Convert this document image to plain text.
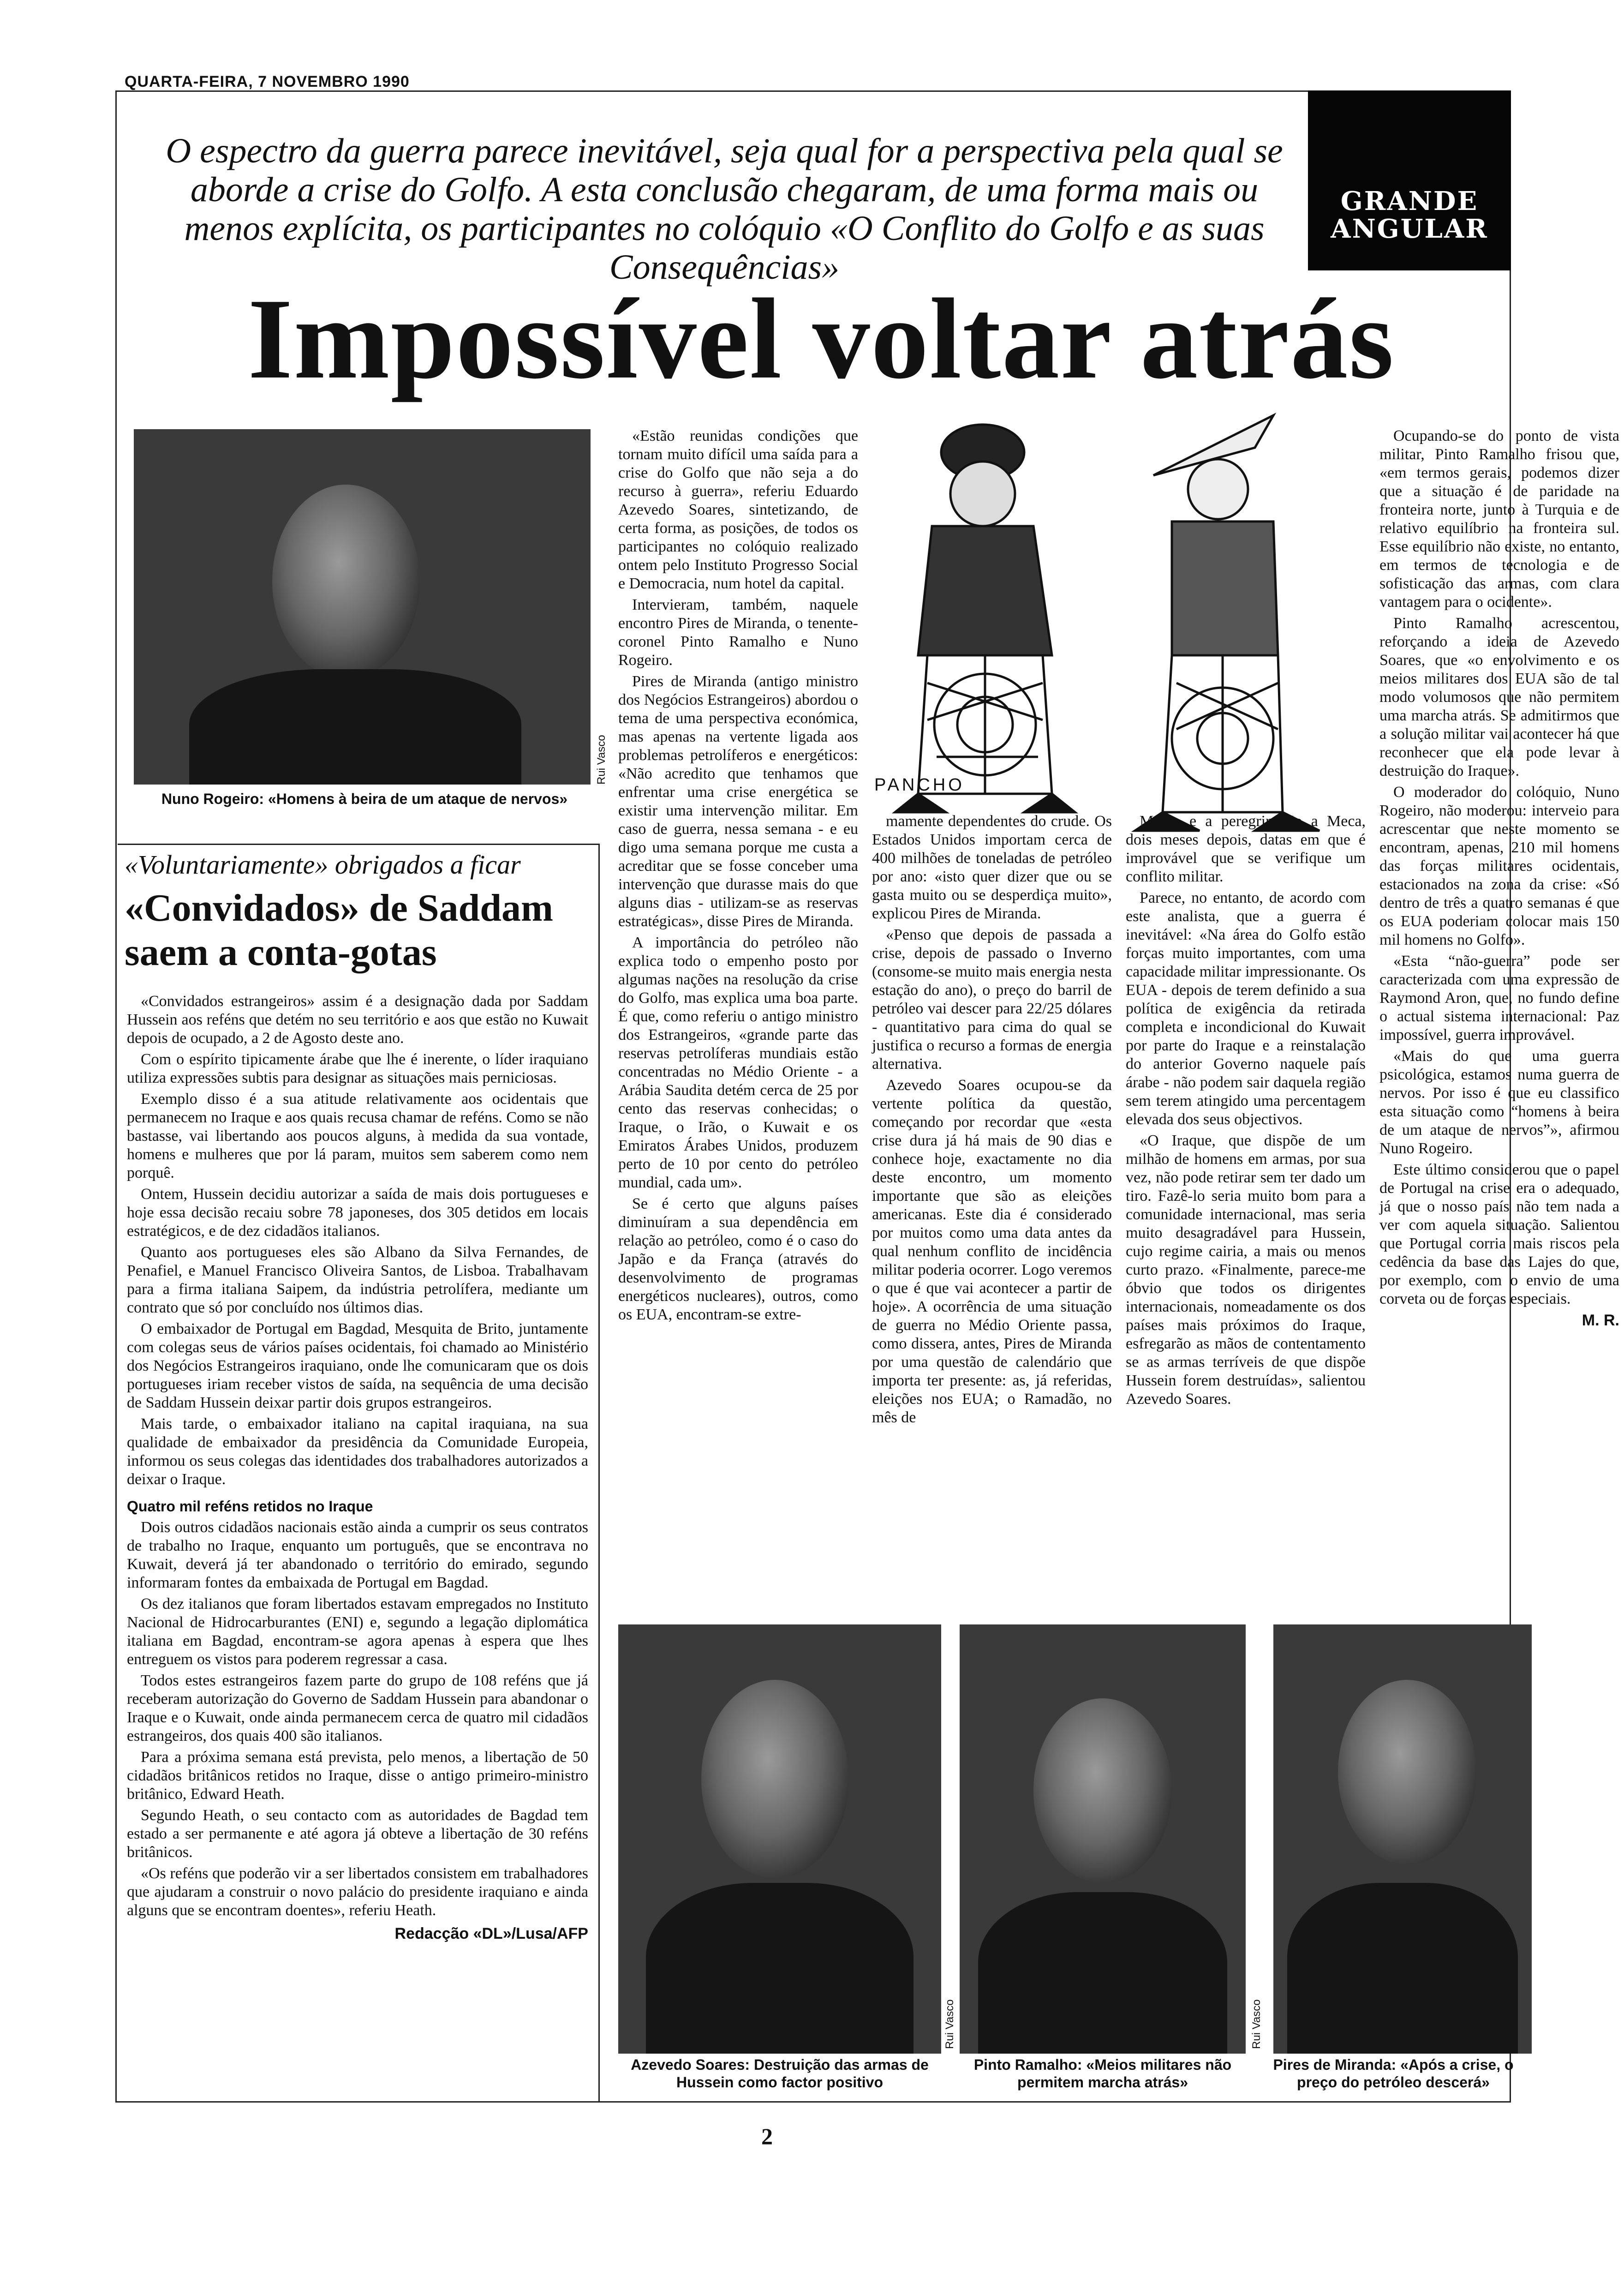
QUARTA-FEIRA, 7 NOVEMBRO 1990
GRANDE
ANGULAR
O espectro da guerra parece inevitável, seja qual for a perspectiva pela qual se aborde a crise do Golfo. A esta conclusão chegaram, de uma forma mais ou menos explícita, os participantes no colóquio «O Conflito do Golfo e as suas Consequências»
Impossível voltar atrás
Rui Vasco
Nuno Rogeiro: «Homens à beira de um ataque de nervos»
PANCHO
«Voluntariamente» obrigados a ficar
«Convidados» de Saddam saem a conta-gotas

«Convidados estrangeiros» assim é a designação dada por Saddam Hussein aos reféns que detém no seu território e aos que estão no Kuwait depois de ocupado, a 2 de Agosto deste ano.

Com o espírito tipicamente árabe que lhe é inerente, o líder iraquiano utiliza expressões subtis para designar as situações mais perniciosas.

Exemplo disso é a sua atitude relativamente aos ocidentais que permanecem no Iraque e aos quais recusa chamar de reféns. Como se não bastasse, vai libertando aos poucos alguns, à medida da sua vontade, homens e mulheres que por lá param, muitos sem saberem como nem porquê.

Ontem, Hussein decidiu autorizar a saída de mais dois portugueses e hoje essa decisão recaiu sobre 78 japoneses, dos 305 detidos em locais estratégicos, e de dez cidadãos italianos.

Quanto aos portugueses eles são Albano da Silva Fernandes, de Penafiel, e Manuel Francisco Oliveira Santos, de Lisboa. Trabalhavam para a firma italiana Saipem, da indústria petrolífera, mediante um contrato que só por concluído nos últimos dias.

O embaixador de Portugal em Bagdad, Mesquita de Brito, juntamente com colegas seus de vários países ocidentais, foi chamado ao Ministério dos Negócios Estrangeiros iraquiano, onde lhe comunicaram que os dois portugueses iriam receber vistos de saída, na sequência de uma decisão de Saddam Hussein deixar partir dois grupos estrangeiros.

Mais tarde, o embaixador italiano na capital iraquiana, na sua qualidade de embaixador da presidência da Comunidade Europeia, informou os seus colegas das identidades dos trabalhadores autorizados a deixar o Iraque.

Quatro mil reféns retidos no Iraque

Dois outros cidadãos nacionais estão ainda a cumprir os seus contratos de trabalho no Iraque, enquanto um português, que se encontrava no Kuwait, deverá já ter abandonado o território do emirado, segundo informaram fontes da embaixada de Portugal em Bagdad.

Os dez italianos que foram libertados estavam empregados no Instituto Nacional de Hidrocarburantes (ENI) e, segundo a legação diplomática italiana em Bagdad, encontram-se agora apenas à espera que lhes entreguem os vistos para poderem regressar a casa.

Todos estes estrangeiros fazem parte do grupo de 108 reféns que já receberam autorização do Governo de Saddam Hussein para abandonar o Iraque e o Kuwait, onde ainda permanecem cerca de quatro mil cidadãos estrangeiros, dos quais 400 são italianos.

Para a próxima semana está prevista, pelo menos, a libertação de 50 cidadãos britânicos retidos no Iraque, disse o antigo primeiro-ministro britânico, Edward Heath.

Segundo Heath, o seu contacto com as autoridades de Bagdad tem estado a ser permanente e até agora já obteve a libertação de 30 reféns britânicos.

«Os reféns que poderão vir a ser libertados consistem em trabalhadores que ajudaram a construir o novo palácio do presidente iraquiano e ainda alguns que se encontram doentes», referiu Heath.

Redacção «DL»/Lusa/AFP

«Estão reunidas condições que tornam muito difícil uma saída para a crise do Golfo que não seja a do recurso à guerra», referiu Eduardo Azevedo Soares, sintetizando, de certa forma, as posições, de todos os participantes no colóquio realizado ontem pelo Instituto Progresso Social e Democracia, num hotel da capital.

Intervieram, também, naquele encontro Pires de Miranda, o tenente-coronel Pinto Ramalho e Nuno Rogeiro.

Pires de Miranda (antigo ministro dos Negócios Estrangeiros) abordou o tema de uma perspectiva económica, mas apenas na vertente ligada aos problemas petrolíferos e energéticos: «Não acredito que tenhamos que enfrentar uma crise energética se existir uma intervenção militar. Em caso de guerra, nessa semana - e eu digo uma semana porque me custa a acreditar que se fosse conceber uma intervenção que durasse mais do que alguns dias - utilizam-se as reservas estratégicas», disse Pires de Miranda.

A importância do petróleo não explica todo o empenho posto por algumas nações na resolução da crise do Golfo, mas explica uma boa parte. É que, como referiu o antigo ministro dos Estrangeiros, «grande parte das reservas petrolíferas mundiais estão concentradas no Médio Oriente - a Arábia Saudita detém cerca de 25 por cento das reservas conhecidas; o Iraque, o Irão, o Kuwait e os Emiratos Árabes Unidos, produzem perto de 10 por cento do petróleo mundial, cada um».

Se é certo que alguns países diminuíram a sua dependência em relação ao petróleo, como é o caso do Japão e da França (através do desenvolvimento de programas energéticos nucleares), outros, como os EUA, encontram-se extre-

mamente dependentes do crude. Os Estados Unidos importam cerca de 400 milhões de toneladas de petróleo por ano: «isto quer dizer que ou se gasta muito ou se desperdiça muito», explicou Pires de Miranda.

«Penso que depois de passada a crise, depois de passado o Inverno (consome-se muito mais energia nesta estação do ano), o preço do barril de petróleo vai descer para 22/25 dólares - quantitativo para cima do qual se justifica o recurso a formas de energia alternativa.

Azevedo Soares ocupou-se da vertente política da questão, começando por recordar que «esta crise dura já há mais de 90 dias e conhece hoje, exactamente no dia deste encontro, um momento importante que são as eleições americanas. Este dia é considerado por muitos como uma data antes da qual nenhum conflito de incidência militar poderia ocorrer. Logo veremos o que é que vai acontecer a partir de hoje». A ocorrência de uma situação de guerra no Médio Oriente passa, como dissera, antes, Pires de Miranda por uma questão de calendário que importa ter presente: as, já referidas, eleições nos EUA; o Ramadão, no mês de

Março e a peregrinação a Meca, dois meses depois, datas em que é improvável que se verifique um conflito militar.

Parece, no entanto, de acordo com este analista, que a guerra é inevitável: «Na área do Golfo estão forças muito importantes, com uma capacidade militar impressionante. Os EUA - depois de terem definido a sua política de exigência da retirada completa e incondicional do Kuwait por parte do Iraque e a reinstalação do anterior Governo naquele país árabe - não podem sair daquela região sem terem atingido uma percentagem elevada dos seus objectivos.

«O Iraque, que dispõe de um milhão de homens em armas, por sua vez, não pode retirar sem ter dado um tiro. Fazê-lo seria muito bom para a comunidade internacional, mas seria muito desagradável para Hussein, cujo regime cairia, a mais ou menos curto prazo. «Finalmente, parece-me óbvio que todos os dirigentes internacionais, nomeadamente os dos países mais próximos do Iraque, esfregarão as mãos de contentamento se as armas terríveis de que dispõe Hussein forem destruídas», salientou Azevedo Soares.

Ocupando-se do ponto de vista militar, Pinto Ramalho frisou que, «em termos gerais, podemos dizer que a situação é de paridade na fronteira norte, junto à Turquia e de relativo equilíbrio na fronteira sul. Esse equilíbrio não existe, no entanto, em termos de tecnologia e de sofisticação das armas, com clara vantagem para o ocidente».

Pinto Ramalho acrescentou, reforçando a ideia de Azevedo Soares, que «o envolvimento e os meios militares dos EUA são de tal modo volumosos que não permitem uma marcha atrás. Se admitirmos que a solução militar vai acontecer há que reconhecer que ela pode levar à destruição do Iraque».

O moderador do colóquio, Nuno Rogeiro, não moderou: interveio para acrescentar que neste momento se encontram, apenas, 210 mil homens das forças militares ocidentais, estacionados na zona da crise: «Só dentro de três a quatro semanas é que os EUA poderiam colocar mais 150 mil homens no Golfo».

«Esta “não-guerra” pode ser caracterizada com uma expressão de Raymond Aron, que, no fundo define o actual sistema internacional: Paz impossível, guerra improvável.

«Mais do que uma guerra psicológica, estamos numa guerra de nervos. Por isso é que eu classifico esta situação como “homens à beira de um ataque de nervos”», afirmou Nuno Rogeiro.

Este último considerou que o papel de Portugal na crise era o adequado, já que o nosso país não tem nada a ver com aquela situação. Salientou que Portugal corria mais riscos pela cedência da base das Lajes do que, por exemplo, com o envio de uma corveta ou de forças especiais.

M. R.
Rui Vasco
Azevedo Soares: Destruição das armas de Hussein como factor positivo
Rui Vasco
Pinto Ramalho: «Meios militares não permitem marcha atrás»
Pires de Miranda: «Após a crise, o preço do petróleo descerá»
2
